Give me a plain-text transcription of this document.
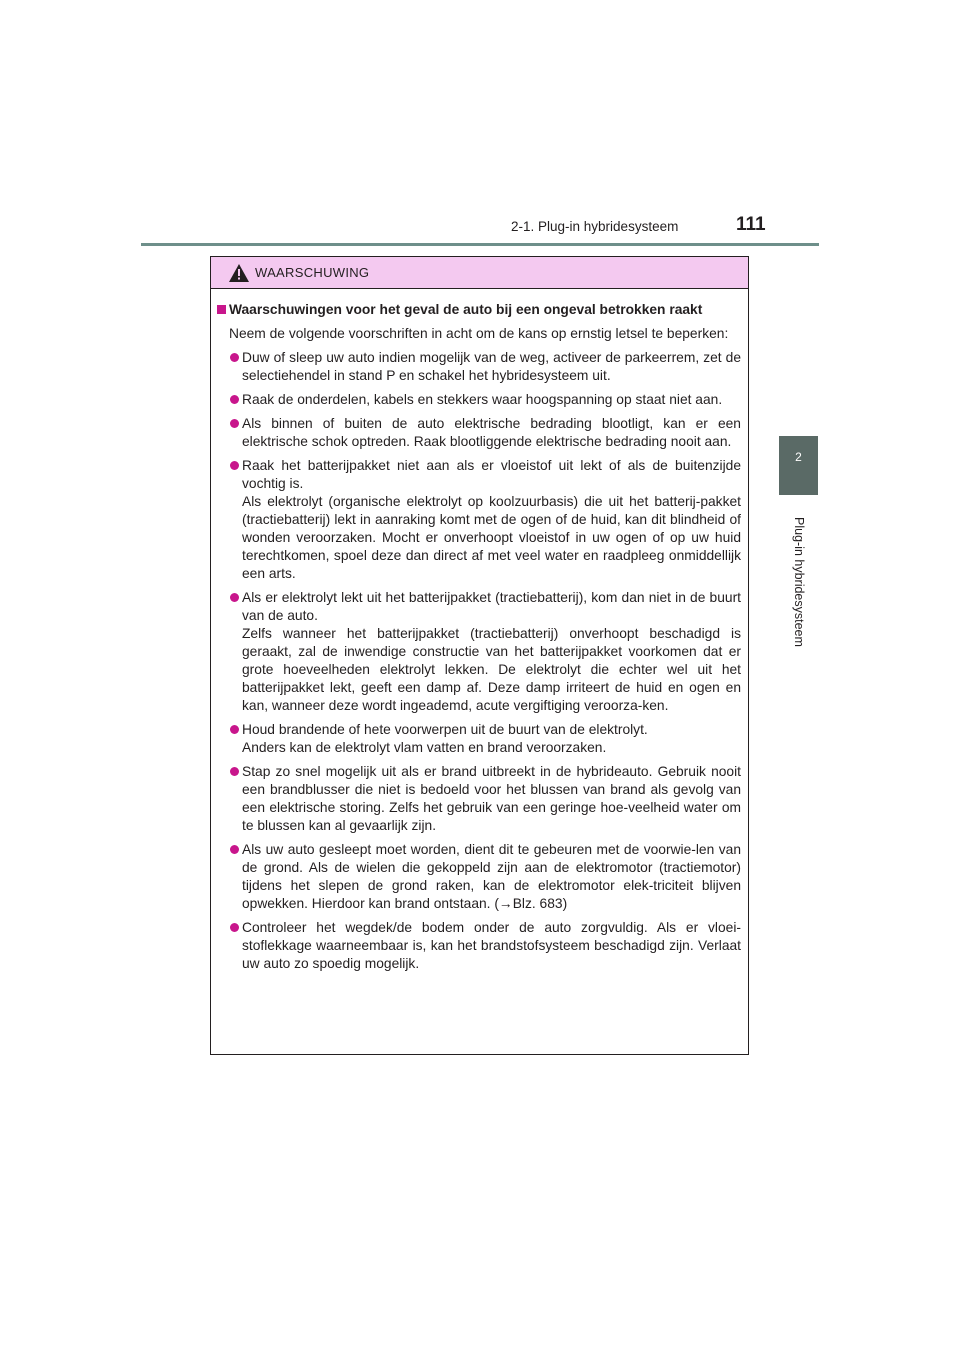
2-1. Plug-in hybridesysteem	111
2
Plug-in hybridesysteem
WAARSCHUWING
Waarschuwingen voor het geval de auto bij een ongeval betrokken raakt
Neem de volgende voorschriften in acht om de kans op ernstig letsel te beperken:
Duw of sleep uw auto indien mogelijk van de weg, activeer de parkeerrem, zet de selectiehendel in stand P en schakel het hybridesysteem uit.
Raak de onderdelen, kabels en stekkers waar hoogspanning op staat niet aan.
Als binnen of buiten de auto elektrische bedrading blootligt, kan er een elektrische schok optreden. Raak blootliggende elektrische bedrading nooit aan.
Raak het batterijpakket niet aan als er vloeistof uit lekt of als de buitenzijde vochtig is.
Als elektrolyt (organische elektrolyt op koolzuurbasis) die uit het batterij-pakket (tractiebatterij) lekt in aanraking komt met de ogen of de huid, kan dit blindheid of wonden veroorzaken. Mocht er onverhoopt vloeistof in uw ogen of op uw huid terechtkomen, spoel deze dan direct af met veel water en raadpleeg onmiddellijk een arts.
Als er elektrolyt lekt uit het batterijpakket (tractiebatterij), kom dan niet in de buurt van de auto.
Zelfs wanneer het batterijpakket (tractiebatterij) onverhoopt beschadigd is geraakt, zal de inwendige constructie van het batterijpakket voorkomen dat er grote hoeveelheden elektrolyt lekken. De elektrolyt die echter wel uit het batterijpakket lekt, geeft een damp af. Deze damp irriteert de huid en ogen en kan, wanneer deze wordt ingeademd, acute vergiftiging veroorza-ken.
Houd brandende of hete voorwerpen uit de buurt van de elektrolyt.
Anders kan de elektrolyt vlam vatten en brand veroorzaken.
Stap zo snel mogelijk uit als er brand uitbreekt in de hybrideauto. Gebruik nooit een brandblusser die niet is bedoeld voor het blussen van brand als gevolg van een elektrische storing. Zelfs het gebruik van een geringe hoe-veelheid water om te blussen kan al gevaarlijk zijn.
Als uw auto gesleept moet worden, dient dit te gebeuren met de voorwie-len van de grond. Als de wielen die gekoppeld zijn aan de elektromotor (tractiemotor) tijdens het slepen de grond raken, kan de elektromotor elek-triciteit blijven opwekken. Hierdoor kan brand ontstaan. (→Blz. 683)
Controleer het wegdek/de bodem onder de auto zorgvuldig. Als er vloei-stoflekkage waarneembaar is, kan het brandstofsysteem beschadigd zijn. Verlaat uw auto zo spoedig mogelijk.
